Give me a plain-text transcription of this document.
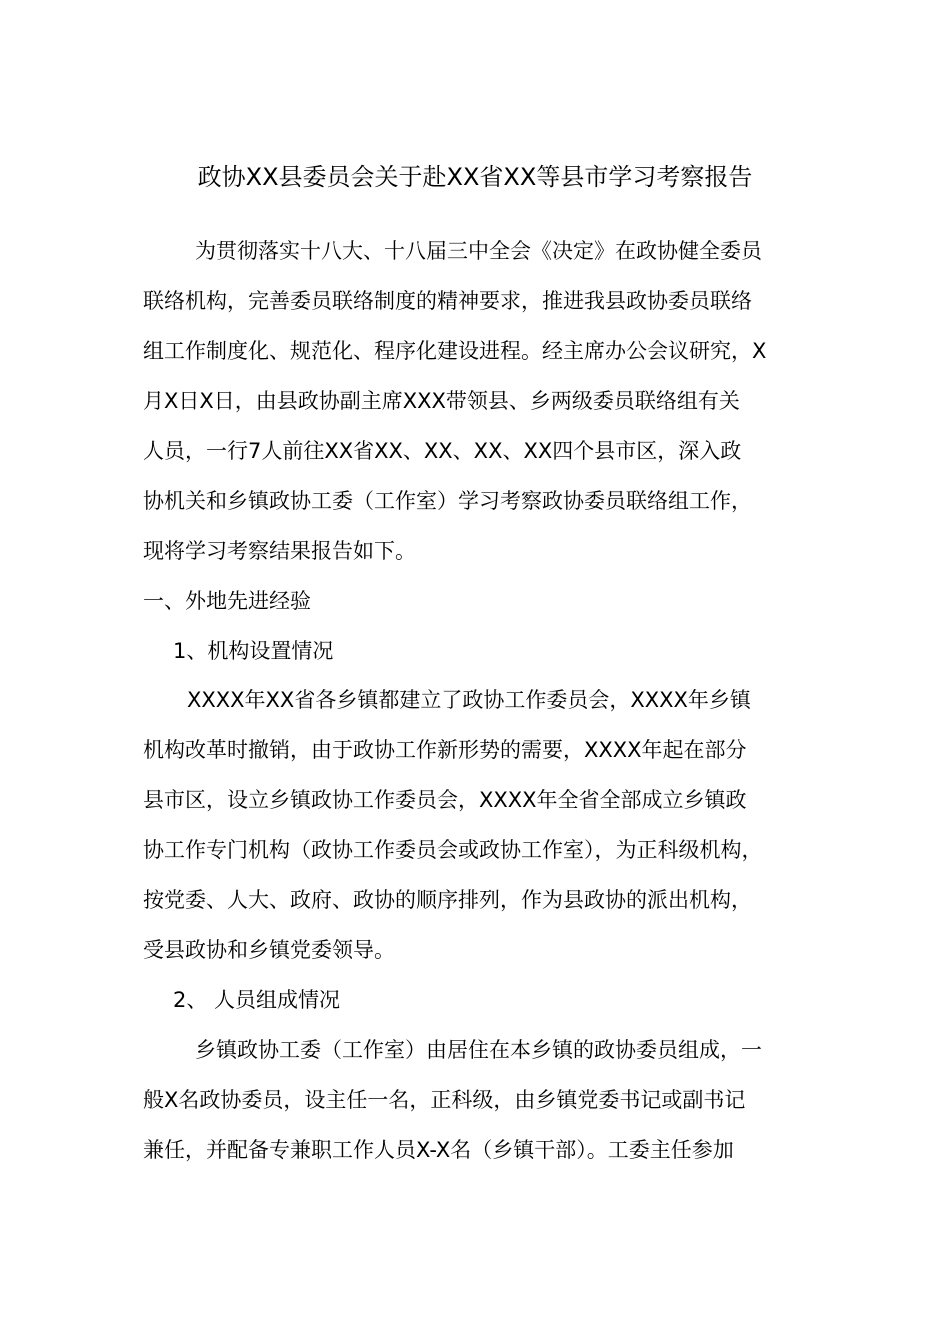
政协XX县委员会关于赴XX省XX等县市学习考察报告
为贯彻落实十八大、十八届三中全会《决定》在政协健全委员
联络机构，完善委员联络制度的精神要求，推进我县政协委员联络
组工作制度化、规范化、程序化建设进程。经主席办公会议研究，X
月X日X日，由县政协副主席XXX带领县、乡两级委员联络组有关
人员，一行7人前往XX省XX、XX、XX、XX四个县市区，深入政
协机关和乡镇政协工委（工作室）学习考察政协委员联络组工作，
现将学习考察结果报告如下。
一、外地先进经验
1、机构设置情况
XXXX年XX省各乡镇都建立了政协工作委员会，XXXX年乡镇
机构改革时撤销，由于政协工作新形势的需要，XXXX年起在部分
县市区，设立乡镇政协工作委员会，XXXX年全省全部成立乡镇政
协工作专门机构（政协工作委员会或政协工作室），为正科级机构，
按党委、人大、政府、政协的顺序排列，作为县政协的派出机构，
受县政协和乡镇党委领导。
2、 人员组成情况
乡镇政协工委（工作室）由居住在本乡镇的政协委员组成，一
般X名政协委员，设主任一名，正科级，由乡镇党委书记或副书记
兼任，并配备专兼职工作人员X-X名（乡镇干部）。工委主任参加
